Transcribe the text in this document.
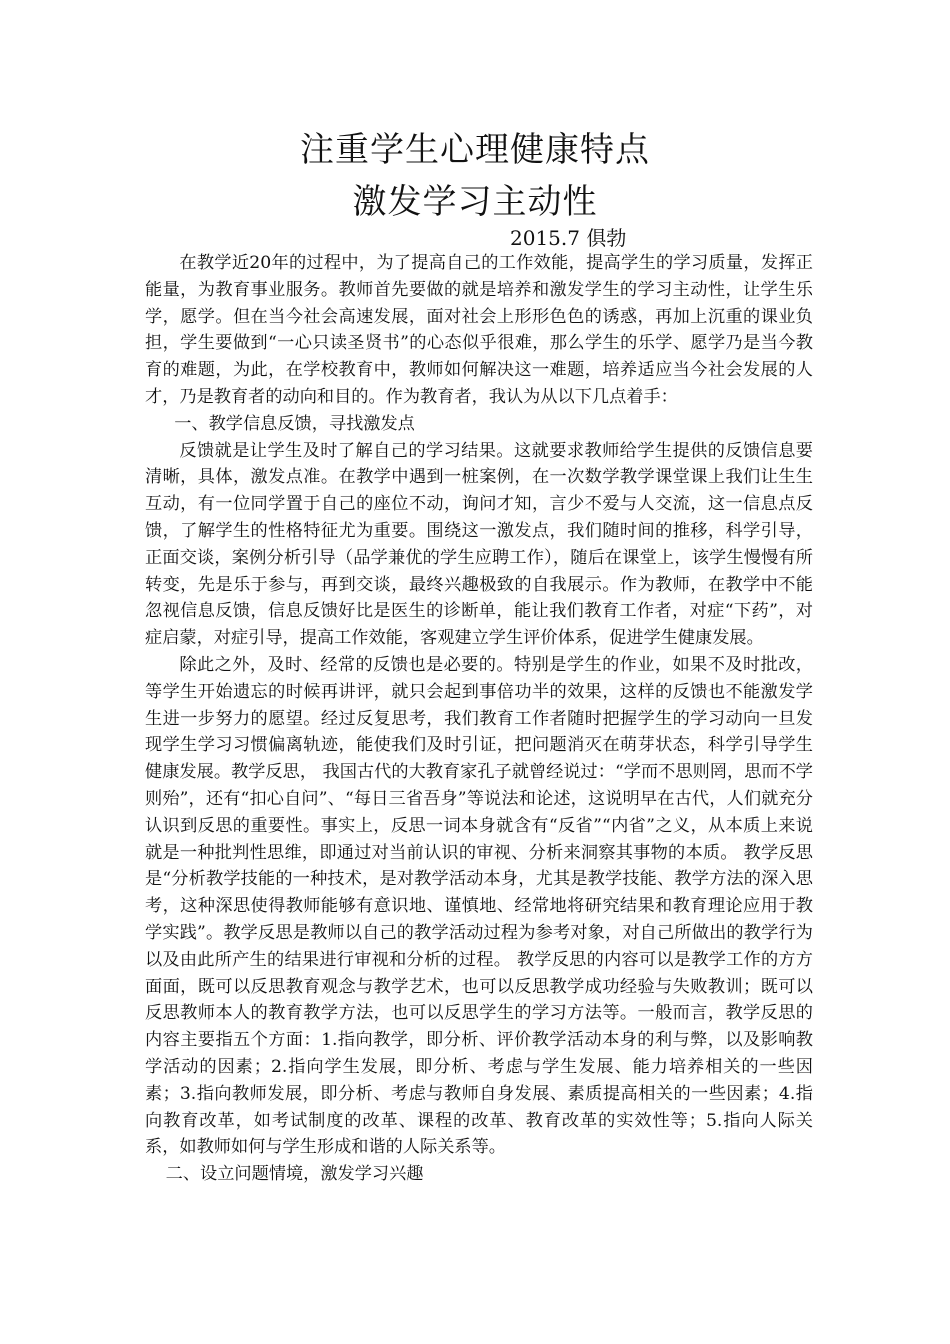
注重学生心理健康特点
激发学习主动性
2015.7 俱勃

在教学近20年的过程中，为了提高自己的工作效能，提高学生的学习质量，发挥正能量，为教育事业服务。教师首先要做的就是培养和激发学生的学习主动性，让学生乐学，愿学。但在当今社会高速发展，面对社会上形形色色的诱惑，再加上沉重的课业负担，学生要做到“一心只读圣贤书”的心态似乎很难，那么学生的乐学、愿学乃是当今教育的难题，为此，在学校教育中，教师如何解决这一难题，培养适应当今社会发展的人才，乃是教育者的动向和目的。作为教育者，我认为从以下几点着手：

一、教学信息反馈，寻找激发点

反馈就是让学生及时了解自己的学习结果。这就要求教师给学生提供的反馈信息要清晰，具体，激发点准。在教学中遇到一桩案例，在一次数学教学课堂课上我们让生生互动，有一位同学置于自己的座位不动，询问才知，言少不爱与人交流，这一信息点反馈，了解学生的性格特征尤为重要。围绕这一激发点，我们随时间的推移，科学引导，正面交谈，案例分析引导（品学兼优的学生应聘工作），随后在课堂上，该学生慢慢有所转变，先是乐于参与，再到交谈，最终兴趣极致的自我展示。作为教师，在教学中不能忽视信息反馈，信息反馈好比是医生的诊断单，能让我们教育工作者，对症“下药”，对症启蒙，对症引导，提高工作效能，客观建立学生评价体系，促进学生健康发展。

除此之外，及时、经常的反馈也是必要的。特别是学生的作业，如果不及时批改，等学生开始遗忘的时候再讲评，就只会起到事倍功半的效果，这样的反馈也不能激发学生进一步努力的愿望。经过反复思考，我们教育工作者随时把握学生的学习动向一旦发现学生学习习惯偏离轨迹，能使我们及时引证，把问题消灭在萌芽状态，科学引导学生健康发展。教学反思， 我国古代的大教育家孔子就曾经说过：“学而不思则罔，思而不学则殆”，还有“扣心自问”、“每日三省吾身”等说法和论述，这说明早在古代，人们就充分认识到反思的重要性。事实上，反思一词本身就含有“反省”“内省”之义，从本质上来说就是一种批判性思维，即通过对当前认识的审视、分析来洞察其事物的本质。 教学反思是“分析教学技能的一种技术，是对教学活动本身，尤其是教学技能、教学方法的深入思考，这种深思使得教师能够有意识地、谨慎地、经常地将研究结果和教育理论应用于教学实践”。教学反思是教师以自己的教学活动过程为参考对象，对自己所做出的教学行为以及由此所产生的结果进行审视和分析的过程。 教学反思的内容可以是教学工作的方方面面，既可以反思教育观念与教学艺术，也可以反思教学成功经验与失败教训；既可以反思教师本人的教育教学方法，也可以反思学生的学习方法等。一般而言，教学反思的内容主要指五个方面：1.指向教学，即分析、评价教学活动本身的利与弊，以及影响教学活动的因素；2.指向学生发展，即分析、考虑与学生发展、能力培养相关的一些因素；3.指向教师发展，即分析、考虑与教师自身发展、素质提高相关的一些因素；4.指向教育改革，如考试制度的改革、课程的改革、教育改革的实效性等；5.指向人际关系，如教师如何与学生形成和谐的人际关系等。

二、设立问题情境，激发学习兴趣
